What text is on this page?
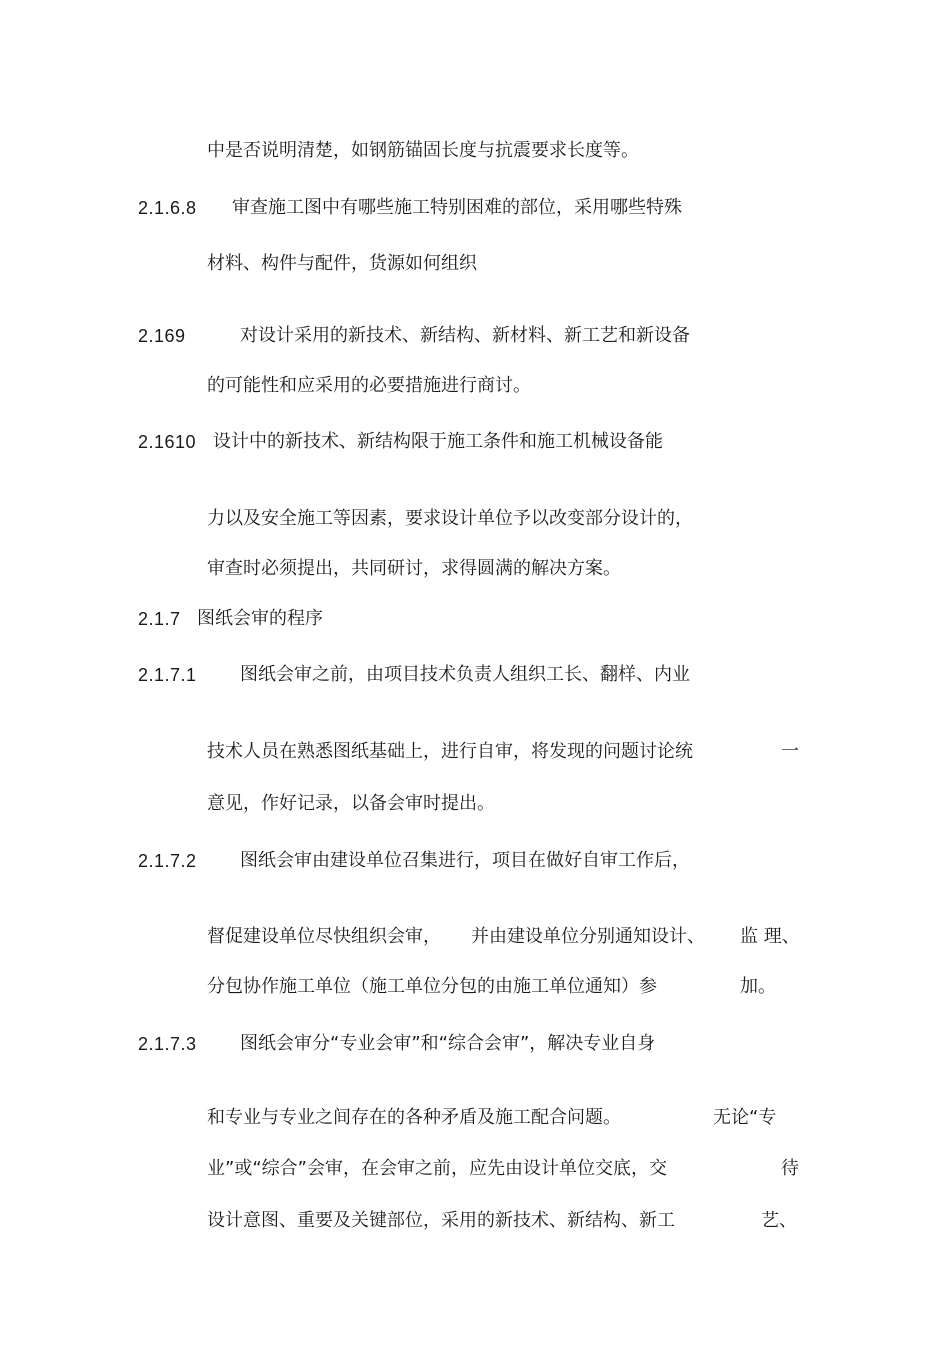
中是否说明清楚，如钢筋锚固长度与抗震要求长度等。
2.1.6.8 审查施工图中有哪些施工特别困难的部位，采用哪些特殊
材料、构件与配件，货源如何组织
2.169	对设计采用的新技术、新结构、新材料、新工艺和新设备
的可能性和应采用的必要措施进行商讨。
2.1610 设计中的新技术、新结构限于施工条件和施工机械设备能
力以及安全施工等因素，要求设计单位予以改变部分设计的，
审查时必须提出，共同研讨，求得圆满的解决方案。
2.1.7 图纸会审的程序
2.1.7.1 图纸会审之前，由项目技术负责人组织工长、翻样、内业
技术人员在熟悉图纸基础上，进行自审，将发现的问题讨论统	一
意见，作好记录，以备会审时提出。
2.1.7.2 图纸会审由建设单位召集进行，项目在做好自审工作后，
督促建设单位尽快组织会审， 并由建设单位分别通知设计、 监 理、
分包协作施工单位（施工单位分包的由施工单位通知）参	加。
2.1.7.3 图纸会审分“专业会审”和“综合会审”，解决专业自身
和专业与专业之间存在的各种矛盾及施工配合问题。	无论“专
业”或“综合”会审，在会审之前，应先由设计单位交底，交	待
设计意图、重要及关键部位，采用的新技术、新结构、新工	艺、
